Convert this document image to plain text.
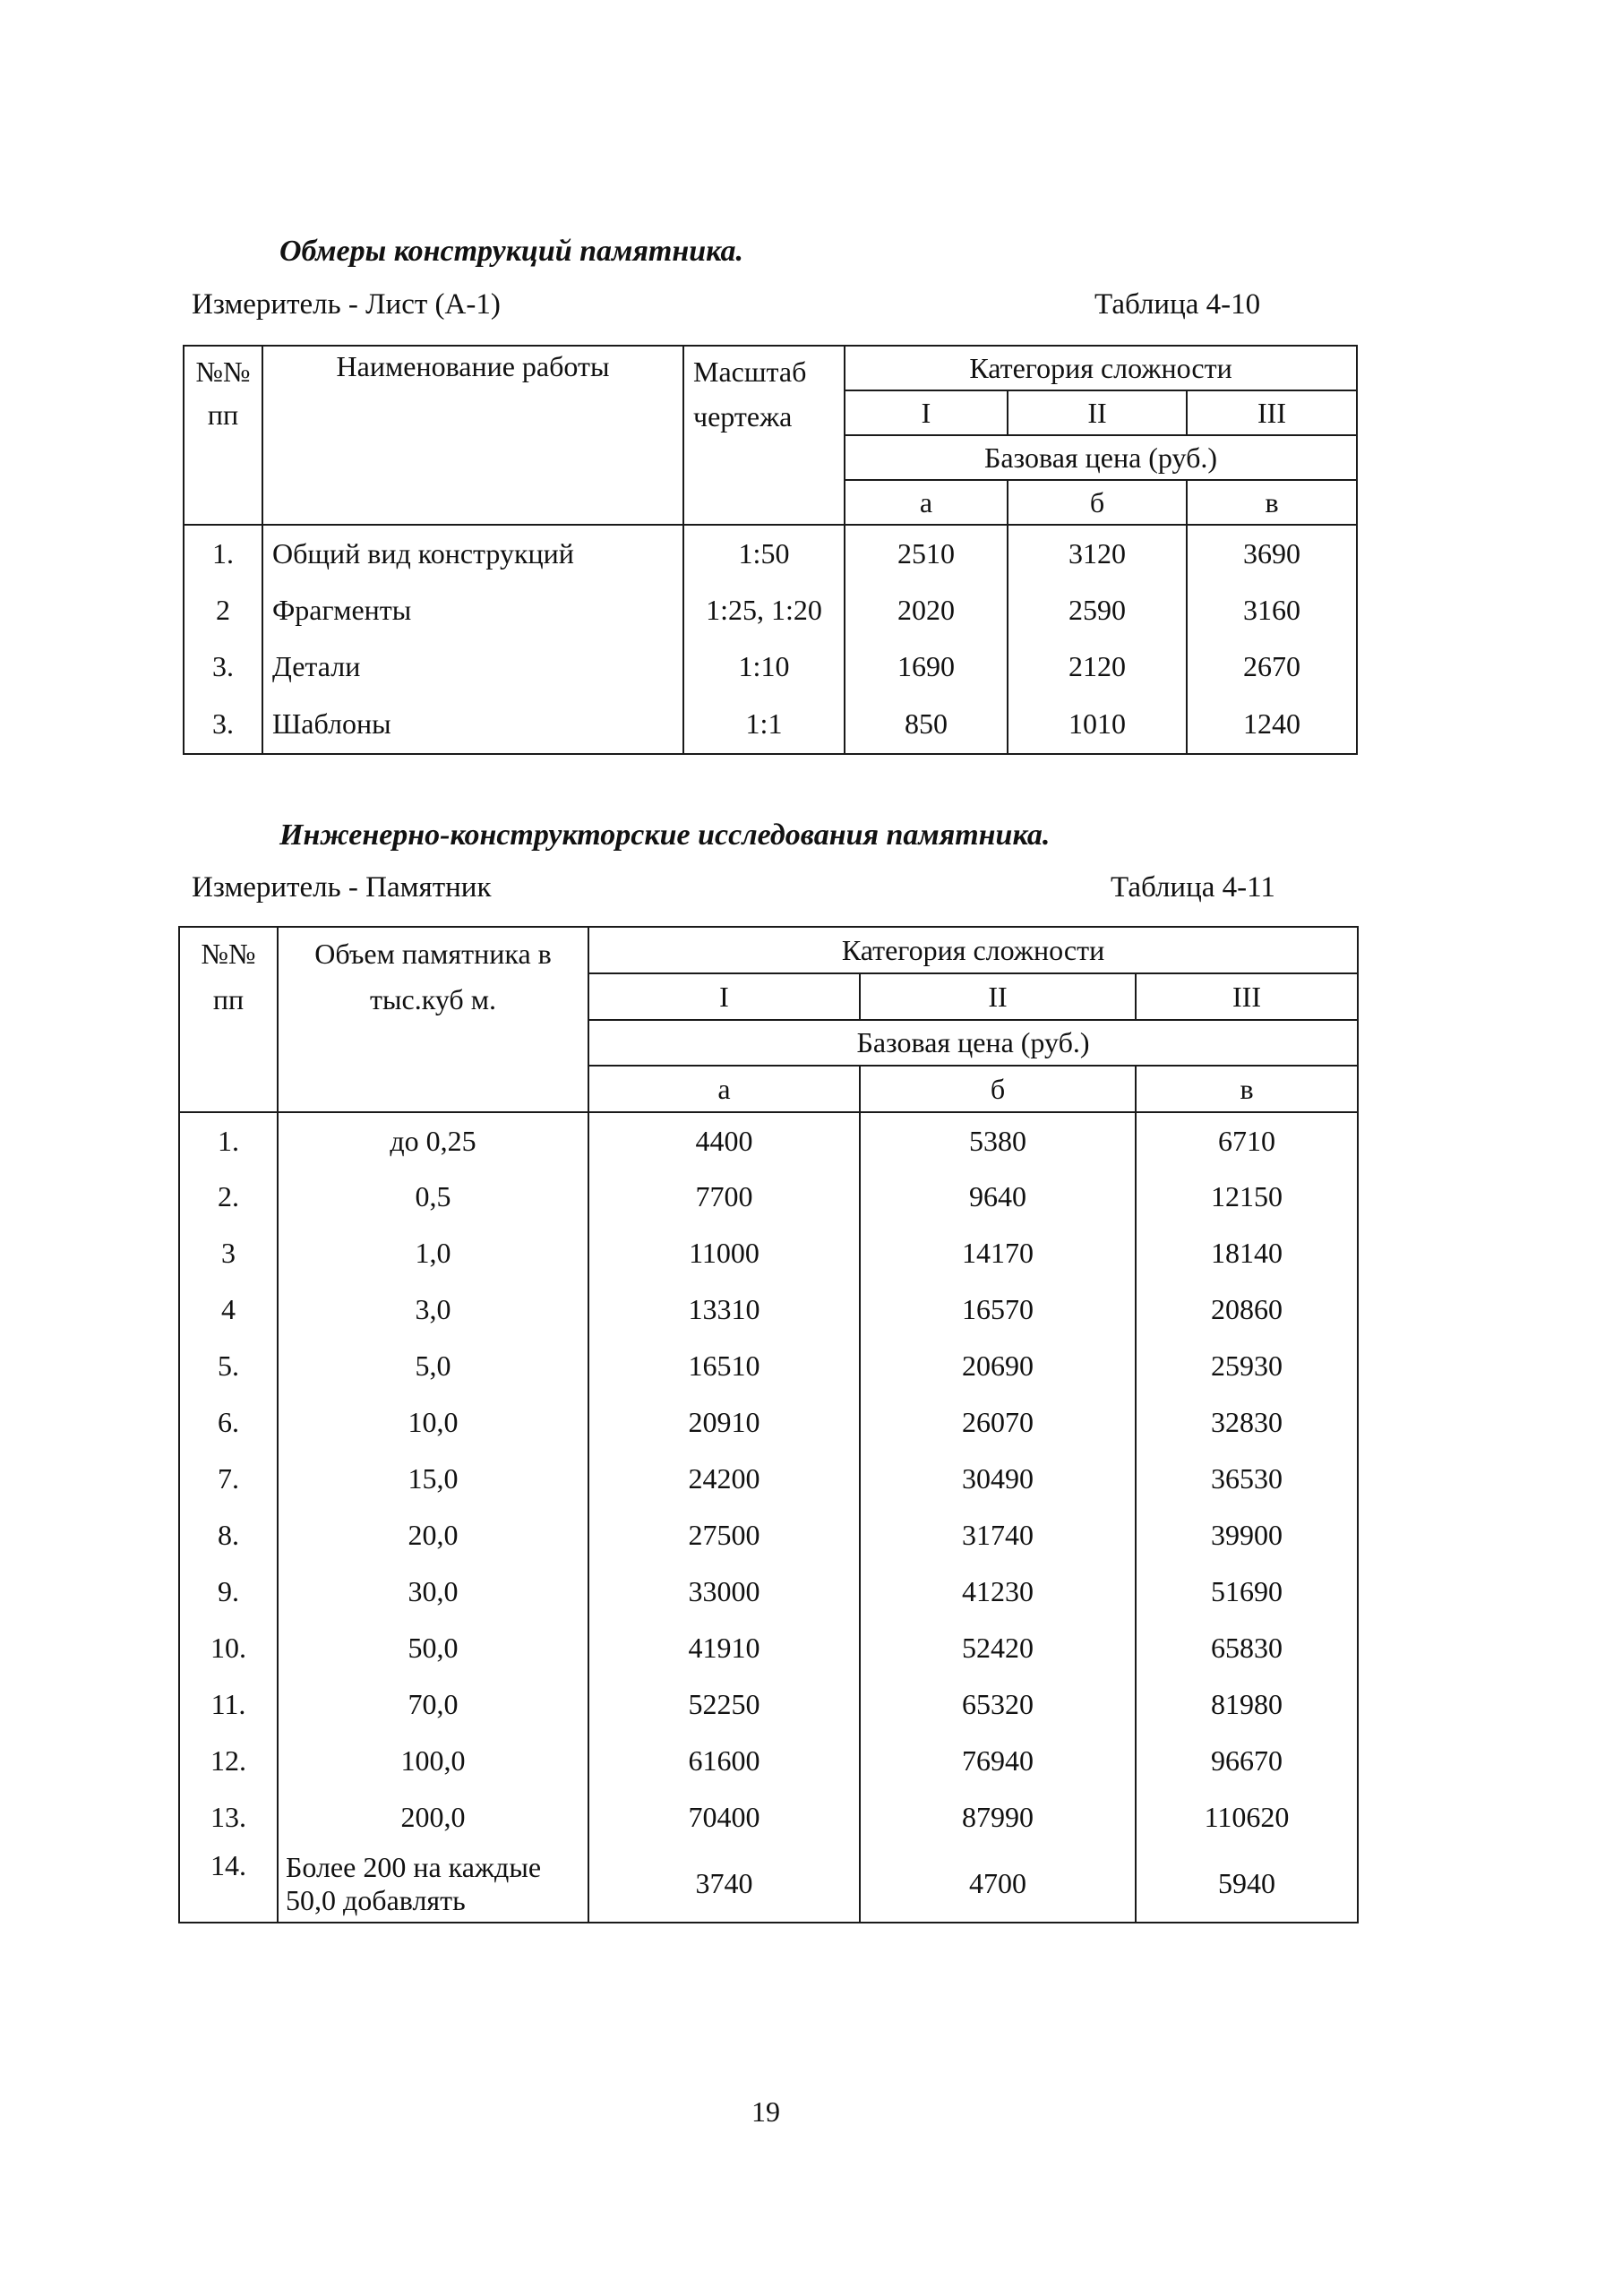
Обмеры конструкций памятника.
Измеритель - Лист (А-1)	Таблица 4-10
№№ пп	Наименование работы	Масштаб чертежа	Категория сложности		
			I	II	III
			Базовая цена (руб.)		
			а	б	в
1.	Общий вид конструкций	1:50	2510	3120	3690
2	Фрагменты	1:25, 1:20	2020	2590	3160
3.	Детали	1:10	1690	2120	2670
3.	Шаблоны	1:1	850	1010	1240
Инженерно-конструкторские исследования памятника.
Измеритель - Памятник	Таблица 4-11
№№ пп	Объем памятника в тыс.куб м.	Категория сложности		
		I	II	III
		Базовая цена (руб.)		
		а	б	в
1.	до 0,25	4400	5380	6710
2.	0,5	7700	9640	12150
3	1,0	11000	14170	18140
4	3,0	13310	16570	20860
5.	5,0	16510	20690	25930
6.	10,0	20910	26070	32830
7.	15,0	24200	30490	36530
8.	20,0	27500	31740	39900
9.	30,0	33000	41230	51690
10.	50,0	41910	52420	65830
11.	70,0	52250	65320	81980
12.	100,0	61600	76940	96670
13.	200,0	70400	87990	110620
14.	Более 200 на каждые 50,0 добавлять	3740	4700	5940
19
